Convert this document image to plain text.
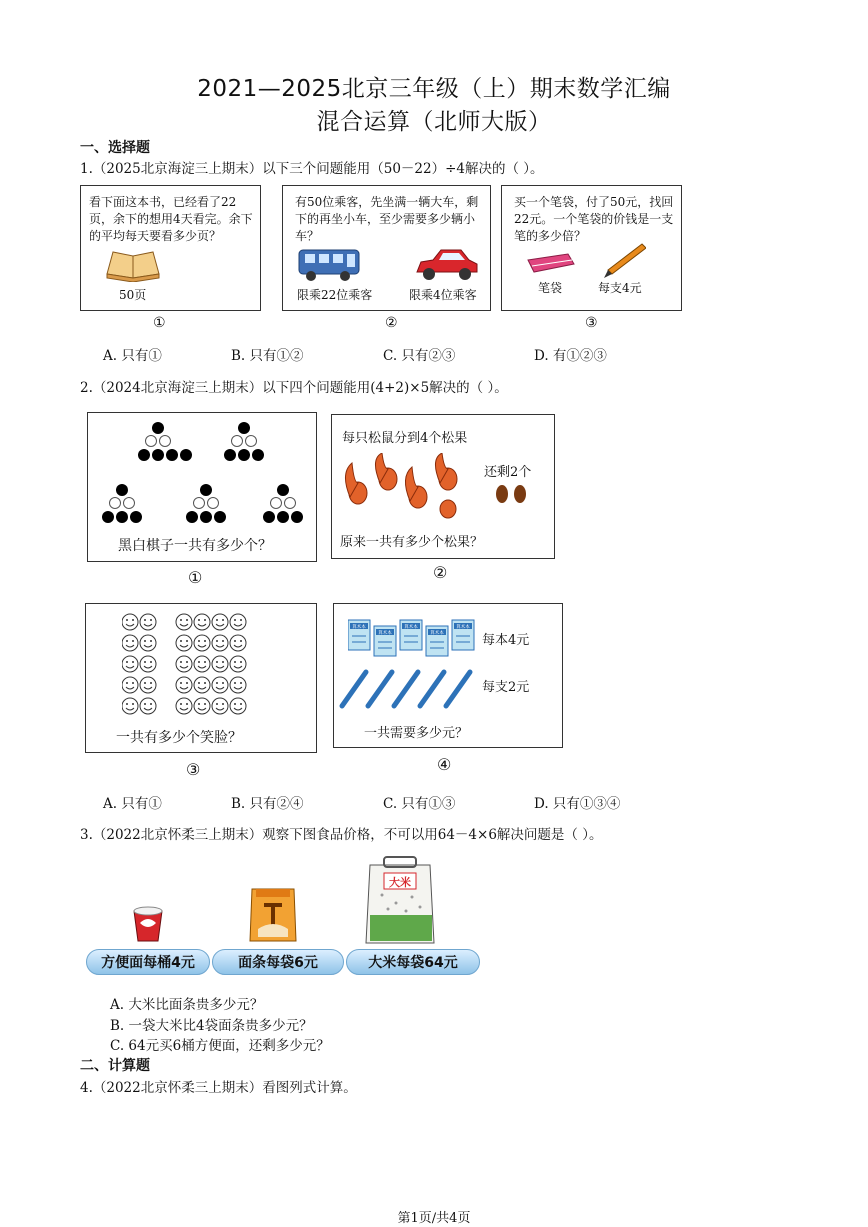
2021—2025北京三年级（上）期末数学汇编
混合运算（北师大版）
一、选择题
1.（2025北京海淀三上期末）以下三个问题能用（50－22）÷4解决的（ ）。
看下面这本书，已经看了22页，余下的想用4天看完。余下的平均每天要看多少页？
50页
①
有50位乘客，先坐满一辆大车，剩下的再坐小车，至少需要多少辆小车？
限乘22位乘客	限乘4位乘客
②
买一个笔袋，付了50元，找回22元。一个笔袋的价钱是一支笔的多少倍？
笔袋	每支4元
③
A. 只有①	B. 只有①②	C. 只有②③	D. 有①②③
2.（2024北京海淀三上期末）以下四个问题能用(4+2)×5解决的（ ）。
黑白棋子一共有多少个？
①
每只松鼠分到4个松果
还剩2个
原来一共有多少个松果？
②
一共有多少个笑脸？
③
算术本
算术本
算术本
算术本
算术本
每本4元
每支2元
一共需要多少元？
④
A. 只有①	B. 只有②④	C. 只有①③	D. 只有①③④
3.（2022北京怀柔三上期末）观察下图食品价格，不可以用64－4×6解决问题是（ ）。
大米
方便面每桶4元	面条每袋6元	大米每袋64元
A. 大米比面条贵多少元？
B. 一袋大米比4袋面条贵多少元？
C. 64元买6桶方便面，还剩多少元？
二、计算题
4.（2022北京怀柔三上期末）看图列式计算。
第1页/共4页
